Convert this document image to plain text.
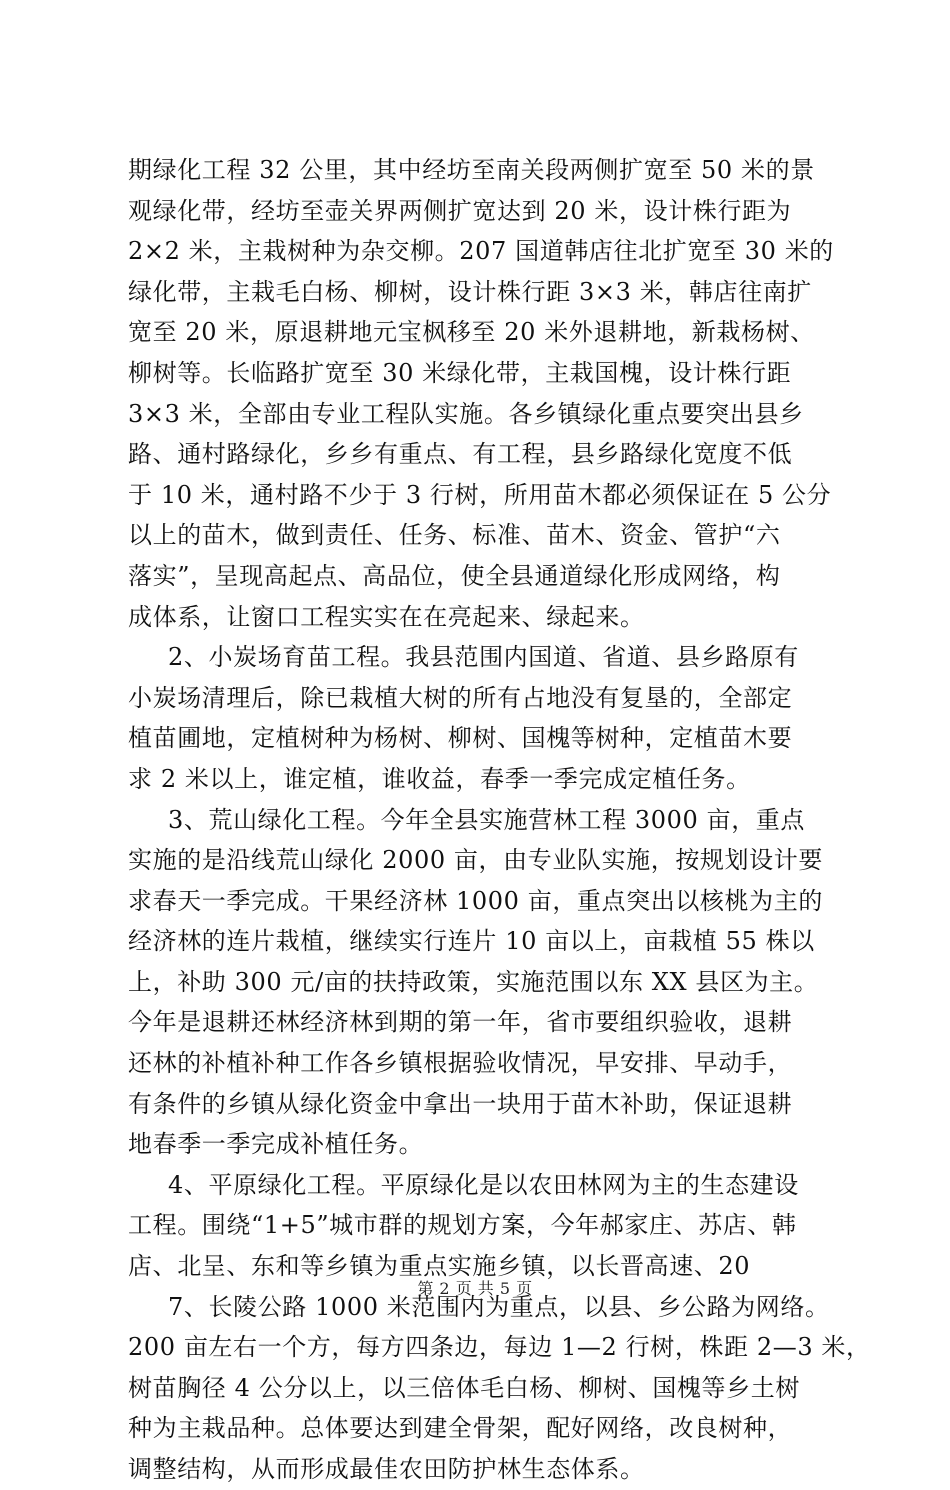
期绿化工程 32 公里，其中经坊至南关段两侧扩宽至 50 米的景
观绿化带，经坊至壶关界两侧扩宽达到 20 米，设计株行距为
2×2 米，主栽树种为杂交柳。207 国道韩店往北扩宽至 30 米的
绿化带，主栽毛白杨、柳树，设计株行距 3×3 米，韩店往南扩
宽至 20 米，原退耕地元宝枫移至 20 米外退耕地，新栽杨树、
柳树等。长临路扩宽至 30 米绿化带，主栽国槐，设计株行距
3×3 米，全部由专业工程队实施。各乡镇绿化重点要突出县乡
路、通村路绿化，乡乡有重点、有工程，县乡路绿化宽度不低
于 10 米，通村路不少于 3 行树，所用苗木都必须保证在 5 公分
以上的苗木，做到责任、任务、标准、苗木、资金、管护“六
落实”，呈现高起点、高品位，使全县通道绿化形成网络，构
成体系，让窗口工程实实在在亮起来、绿起来。
2、小炭场育苗工程。我县范围内国道、省道、县乡路原有
小炭场清理后，除已栽植大树的所有占地没有复垦的，全部定
植苗圃地，定植树种为杨树、柳树、国槐等树种，定植苗木要
求 2 米以上，谁定植，谁收益，春季一季完成定植任务。
3、荒山绿化工程。今年全县实施营林工程 3000 亩，重点
实施的是沿线荒山绿化 2000 亩，由专业队实施，按规划设计要
求春天一季完成。干果经济林 1000 亩，重点突出以核桃为主的
经济林的连片栽植，继续实行连片 10 亩以上，亩栽植 55 株以
上，补助 300 元/亩的扶持政策，实施范围以东 XX 县区为主。
今年是退耕还林经济林到期的第一年，省市要组织验收，退耕
还林的补植补种工作各乡镇根据验收情况，早安排、早动手，
有条件的乡镇从绿化资金中拿出一块用于苗木补助，保证退耕
地春季一季完成补植任务。
4、平原绿化工程。平原绿化是以农田林网为主的生态建设
工程。围绕“1+5”城市群的规划方案，今年郝家庄、苏店、韩
店、北呈、东和等乡镇为重点实施乡镇，以长晋高速、20
7、长陵公路 1000 米范围内为重点，以县、乡公路为网络。
200 亩左右一个方，每方四条边，每边 1—2 行树，株距 2—3 米，
树苗胸径 4 公分以上，以三倍体毛白杨、柳树、国槐等乡土树
种为主栽品种。总体要达到建全骨架，配好网络，改良树种，
调整结构，从而形成最佳农田防护林生态体系。
第 2 页 共 5 页
